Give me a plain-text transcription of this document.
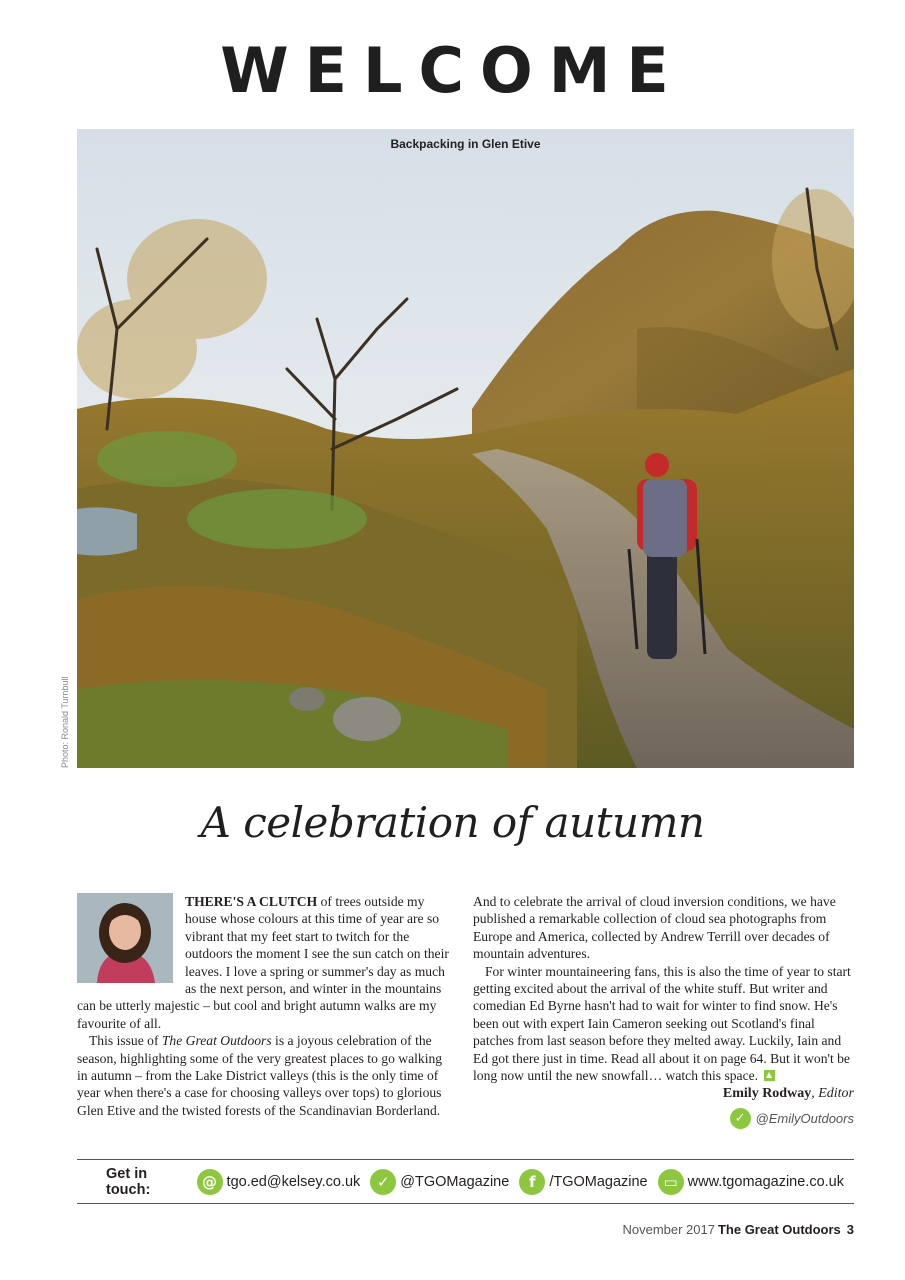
WELCOME
Backpacking in Glen Etive
Photo: Ronald Turnbull
A celebration of autumn

THERE'S A CLUTCH of trees outside my house whose colours at this time of year are so vibrant that my feet start to twitch for the outdoors the moment I see the sun catch on their leaves. I love a spring or summer's day as much as the next person, and winter in the mountains can be utterly majestic – but cool and bright autumn walks are my favourite of all.

This issue of The Great Outdoors is a joyous celebration of the season, highlighting some of the very greatest places to go walking in autumn – from the Lake District valleys (this is the only time of year when there's a case for choosing valleys over tops) to glorious Glen Etive and the twisted forests of the Scandinavian Borderland.

And to celebrate the arrival of cloud inversion conditions, we have published a remarkable collection of cloud sea photographs from Europe and America, collected by Andrew Terrill over decades of mountain adventures.

For winter mountaineering fans, this is also the time of year to start getting excited about the arrival of the white stuff. But writer and comedian Ed Byrne hasn't had to wait for winter to find snow. He's been out with expert Iain Cameron seeking out Scotland's final patches from last season before they melted away. Luckily, Iain and Ed got there just in time. Read all about it on page 64. But it won't be long now until the new snowfall… watch this space.

Emily Rodway, Editor
✓ @EmilyOutdoors
Get in touch:	@ tgo.ed@kelsey.co.uk	✓ @TGOMagazine	f /TGOMagazine	▭ www.tgomagazine.co.uk
November 2017 The Great Outdoors 3
